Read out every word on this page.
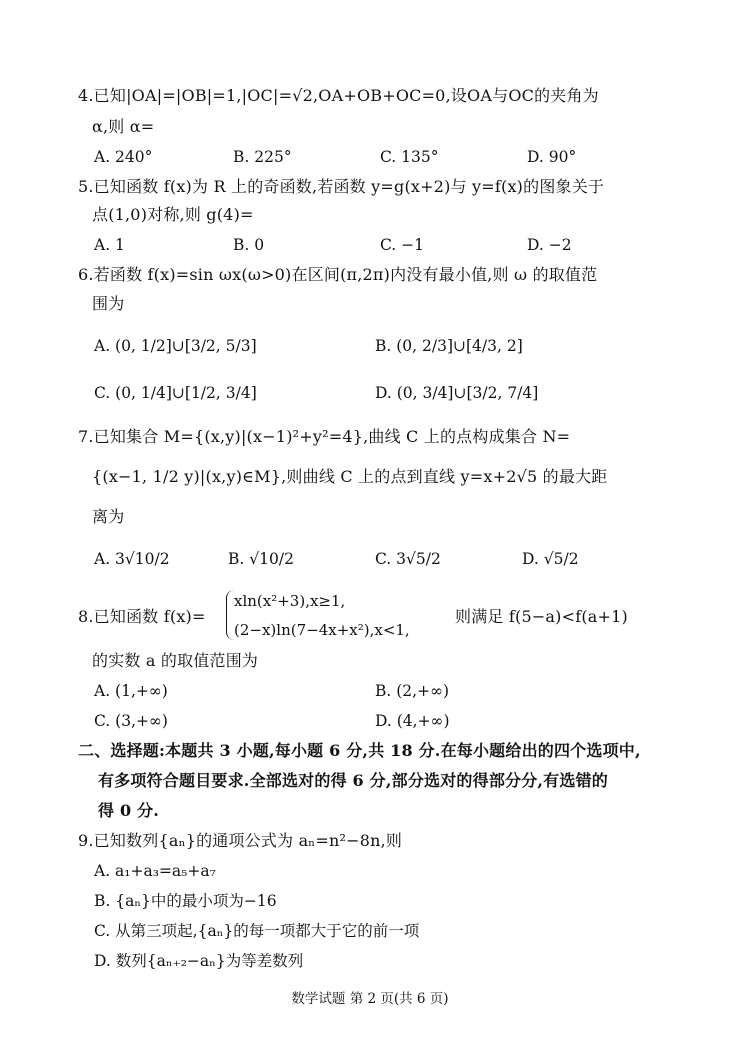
4.已知|OA|=|OB|=1,|OC|=√2,OA+OB+OC=0,设OA与OC的夹角为
α,则 α=
A. 240°	B. 225°	C. 135°	D. 90°
5.已知函数 f(x)为 R 上的奇函数,若函数 y=g(x+2)与 y=f(x)的图象关于
点(1,0)对称,则 g(4)=
A. 1	B. 0	C. −1	D. −2
6.若函数 f(x)=sin ωx(ω>0)在区间(π,2π)内没有最小值,则 ω 的取值范
围为
A. (0, 1/2]∪[3/2, 5/3]	B. (0, 2/3]∪[4/3, 2]
C. (0, 1/4]∪[1/2, 3/4]	D. (0, 3/4]∪[3/2, 7/4]
7.已知集合 M={(x,y)|(x−1)²+y²=4},曲线 C 上的点构成集合 N=
{(x−1, 1/2 y)|(x,y)∈M},则曲线 C 上的点到直线 y=x+2√5 的最大距
离为
A. 3√10/2	B. √10/2	C. 3√5/2	D. √5/2
8.已知函数 f(x)=
xln(x²+3),x≥1,
(2−x)ln(7−4x+x²),x<1,
则满足 f(5−a)<f(a+1)
的实数 a 的取值范围为
A. (1,+∞)	B. (2,+∞)
C. (3,+∞)	D. (4,+∞)
二、选择题:本题共 3 小题,每小题 6 分,共 18 分.在每小题给出的四个选项中,
有多项符合题目要求.全部选对的得 6 分,部分选对的得部分分,有选错的
得 0 分.
9.已知数列{aₙ}的通项公式为 aₙ=n²−8n,则
A. a₁+a₃=a₅+a₇
B. {aₙ}中的最小项为−16
C. 从第三项起,{aₙ}的每一项都大于它的前一项
D. 数列{aₙ₊₂−aₙ}为等差数列
数学试题 第 2 页(共 6 页)
